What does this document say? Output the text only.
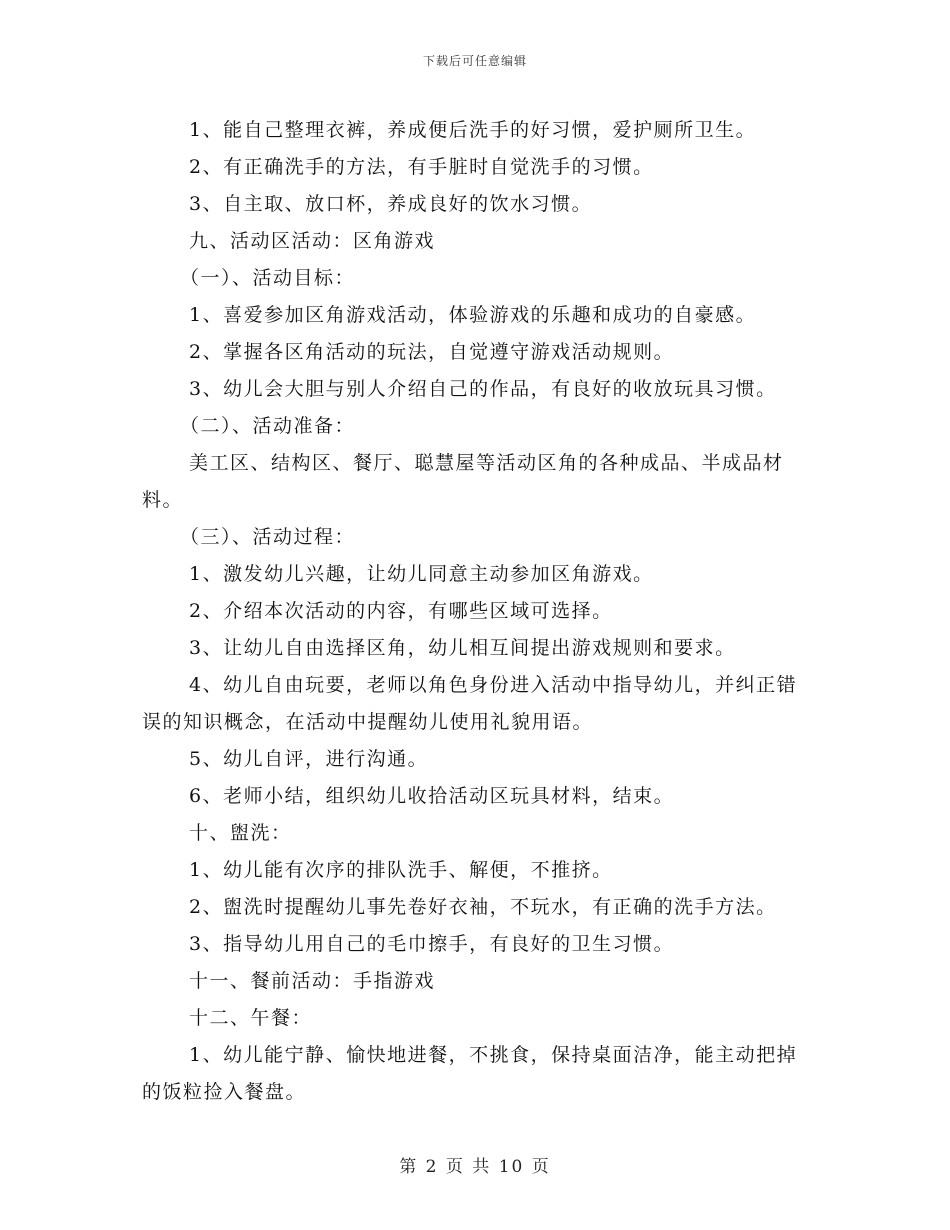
下载后可任意编辑

1、能自己整理衣裤，养成便后洗手的好习惯，爱护厕所卫生。

2、有正确洗手的方法，有手脏时自觉洗手的习惯。

3、自主取、放口杯，养成良好的饮水习惯。

九、活动区活动：区角游戏

（一）、活动目标：

1、喜爱参加区角游戏活动，体验游戏的乐趣和成功的自豪感。

2、掌握各区角活动的玩法，自觉遵守游戏活动规则。

3、幼儿会大胆与别人介绍自己的作品，有良好的收放玩具习惯。

（二）、活动准备：

美工区、结构区、餐厅、聪慧屋等活动区角的各种成品、半成品材料。

（三）、活动过程：

1、激发幼儿兴趣，让幼儿同意主动参加区角游戏。

2、介绍本次活动的内容，有哪些区域可选择。

3、让幼儿自由选择区角，幼儿相互间提出游戏规则和要求。

4、幼儿自由玩要，老师以角色身份进入活动中指导幼儿，并纠正错误的知识概念，在活动中提醒幼儿使用礼貌用语。

5、幼儿自评，进行沟通。

6、老师小结，组织幼儿收拾活动区玩具材料，结束。

十、盥洗：

1、幼儿能有次序的排队洗手、解便，不推挤。

2、盥洗时提醒幼儿事先卷好衣袖，不玩水，有正确的洗手方法。

3、指导幼儿用自己的毛巾擦手，有良好的卫生习惯。

十一、餐前活动：手指游戏

十二、午餐：

1、幼儿能宁静、愉快地进餐，不挑食，保持桌面洁净，能主动把掉的饭粒捡入餐盘。

第 2 页 共 10 页
